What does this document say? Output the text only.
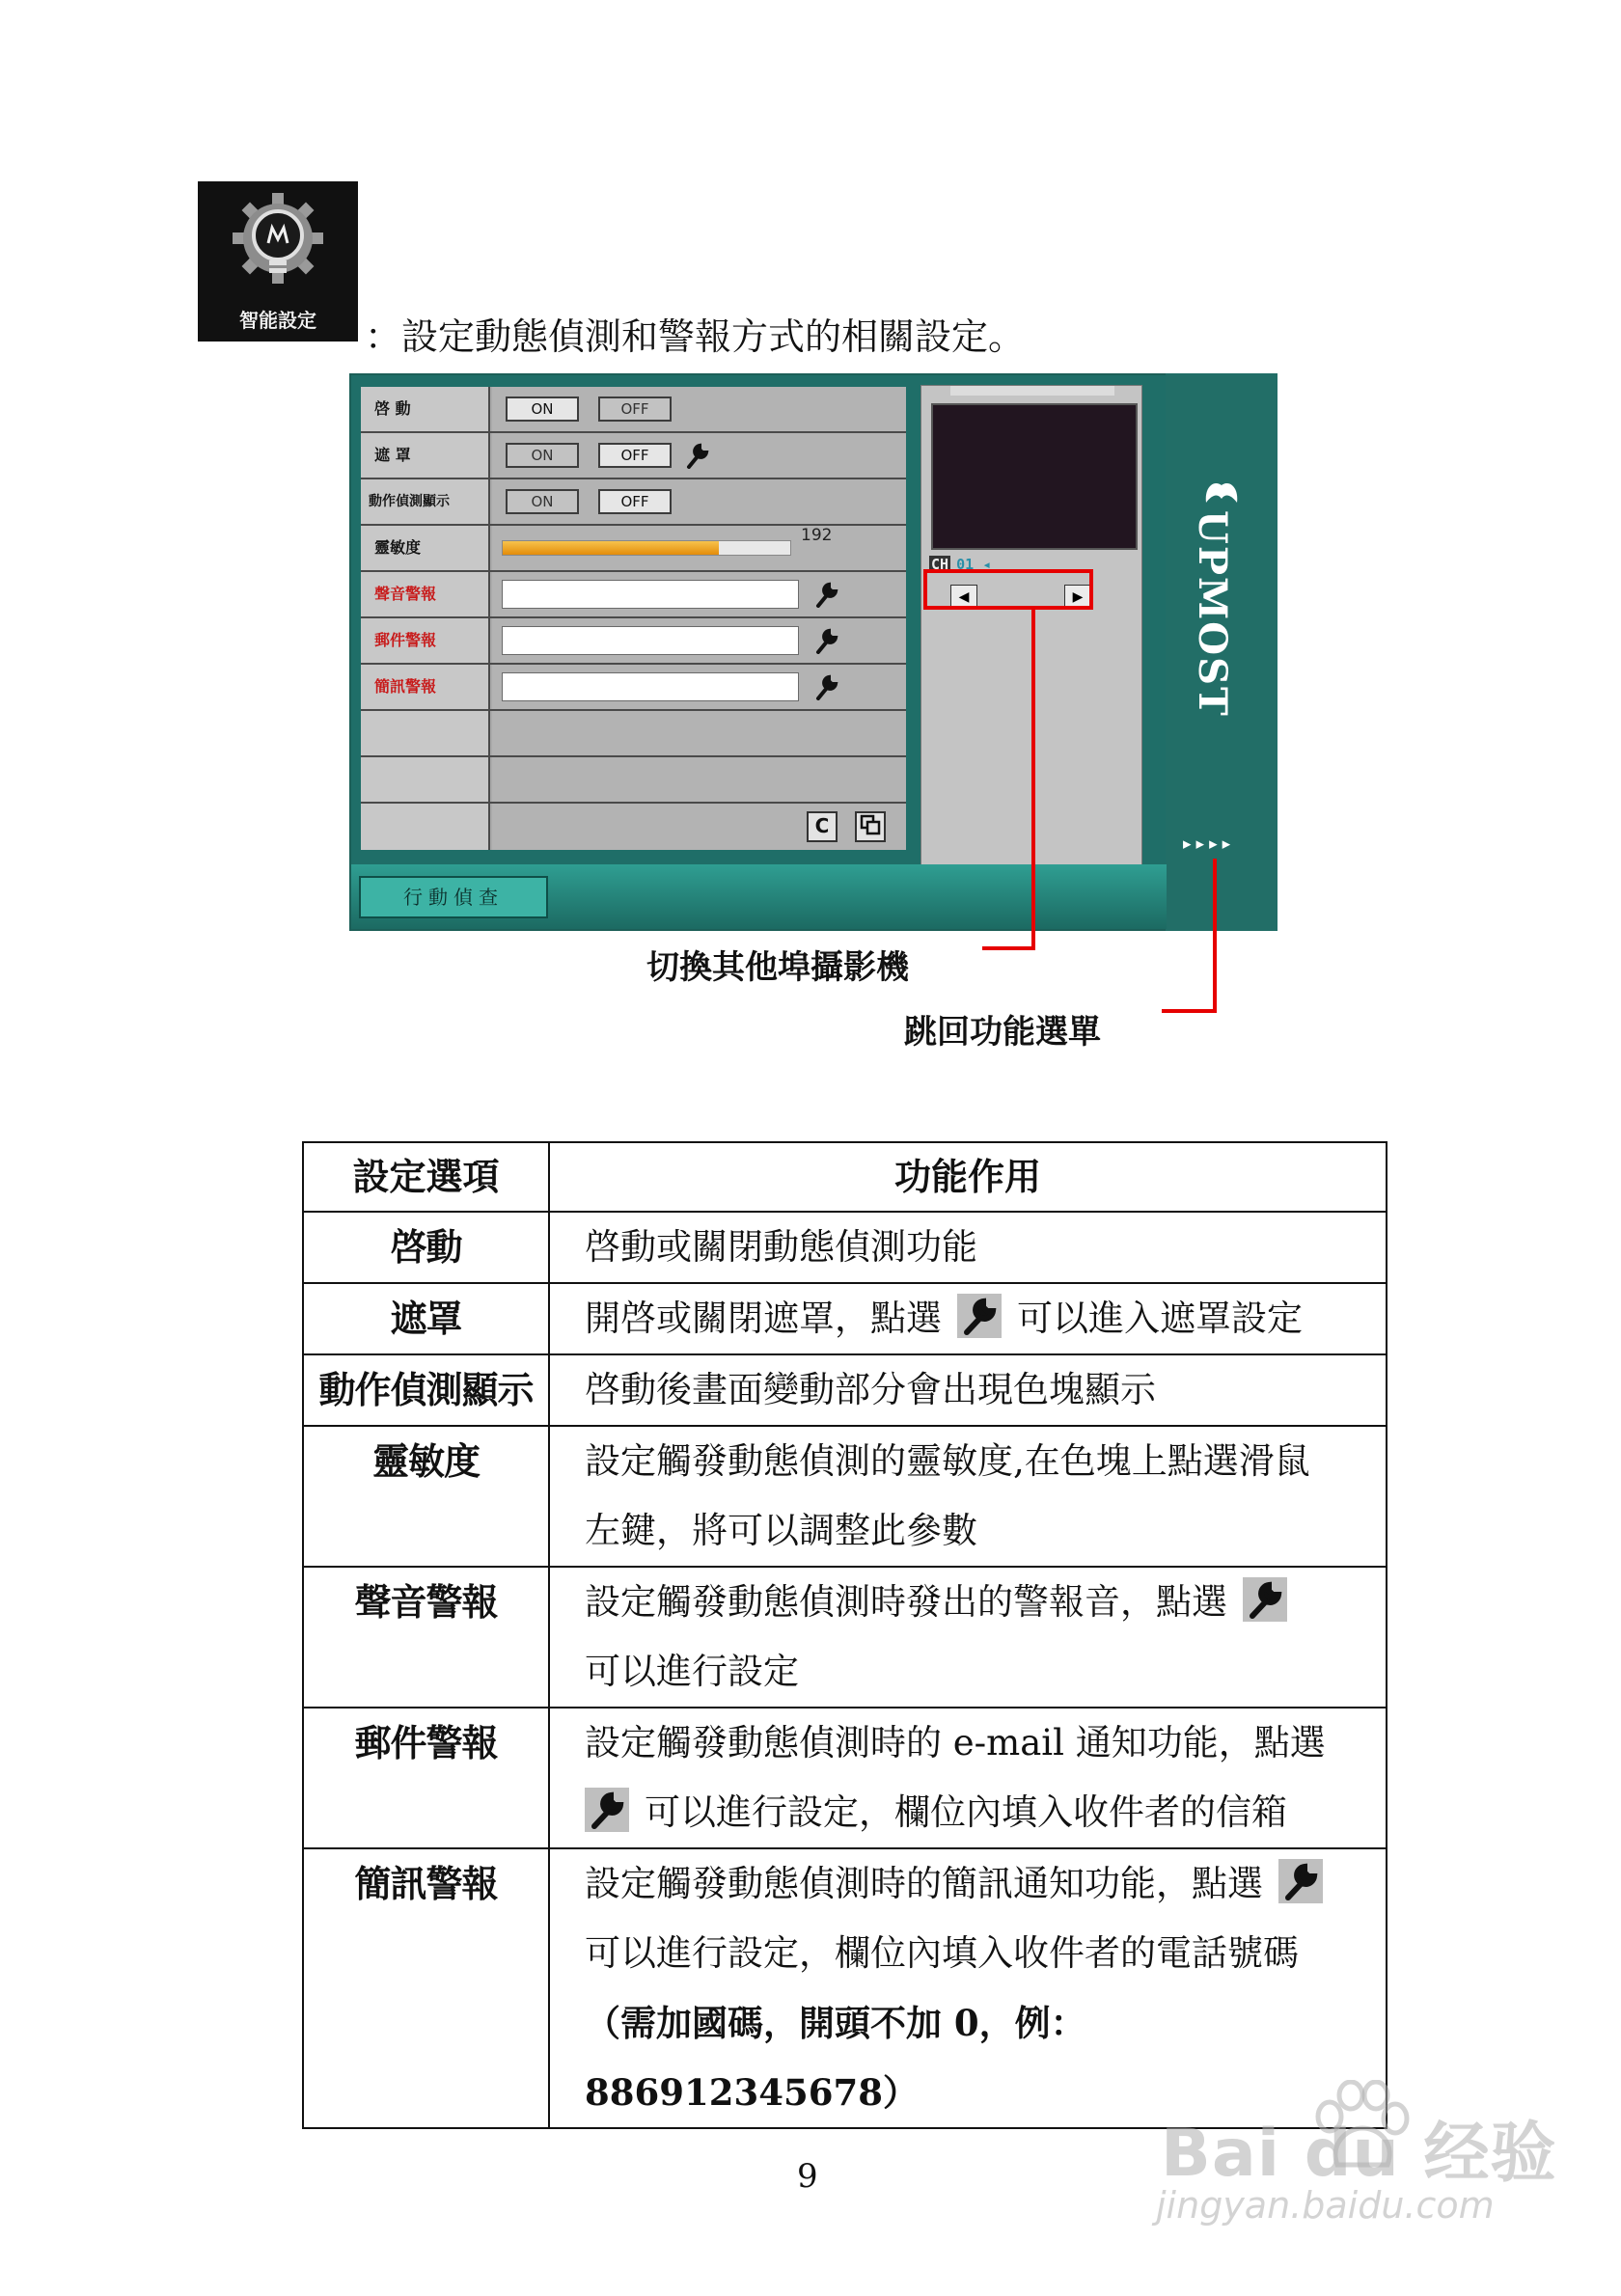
智能設定	：設定動態偵測和警報方式的相關設定。
啓 動	ON	OFF
遮 罩	ON	OFF
動作偵測顯示	ON	OFF
靈敏度
192
聲音警報
郵件警報
簡訊警報
C
CH 01 ◂
◀	▶	UPMOST
▸▸▸▸
行動偵查
切換其他埠攝影機
跳回功能選單
設定選項	功能作用
啓動	啓動或關閉動態偵測功能
遮罩	開啓或關閉遮罩，點選 可以進入遮罩設定
動作偵測顯示	啓動後畫面變動部分會出現色塊顯示
靈敏度	設定觸發動態偵測的靈敏度,在色塊上點選滑鼠
左鍵，將可以調整此參數

聲音警報	設定觸發動態偵測時發出的警報音，點選
可以進行設定

郵件警報	設定觸發動態偵測時的 e-mail 通知功能，點選
可以進行設定，欄位內填入收件者的信箱

簡訊警報	設定觸發動態偵測時的簡訊通知功能，點選
可以進行設定，欄位內填入收件者的電話號碼
（需加國碼，開頭不加 0，例：886912345678）
9	Bai du 经验
jingyan.baidu.com
